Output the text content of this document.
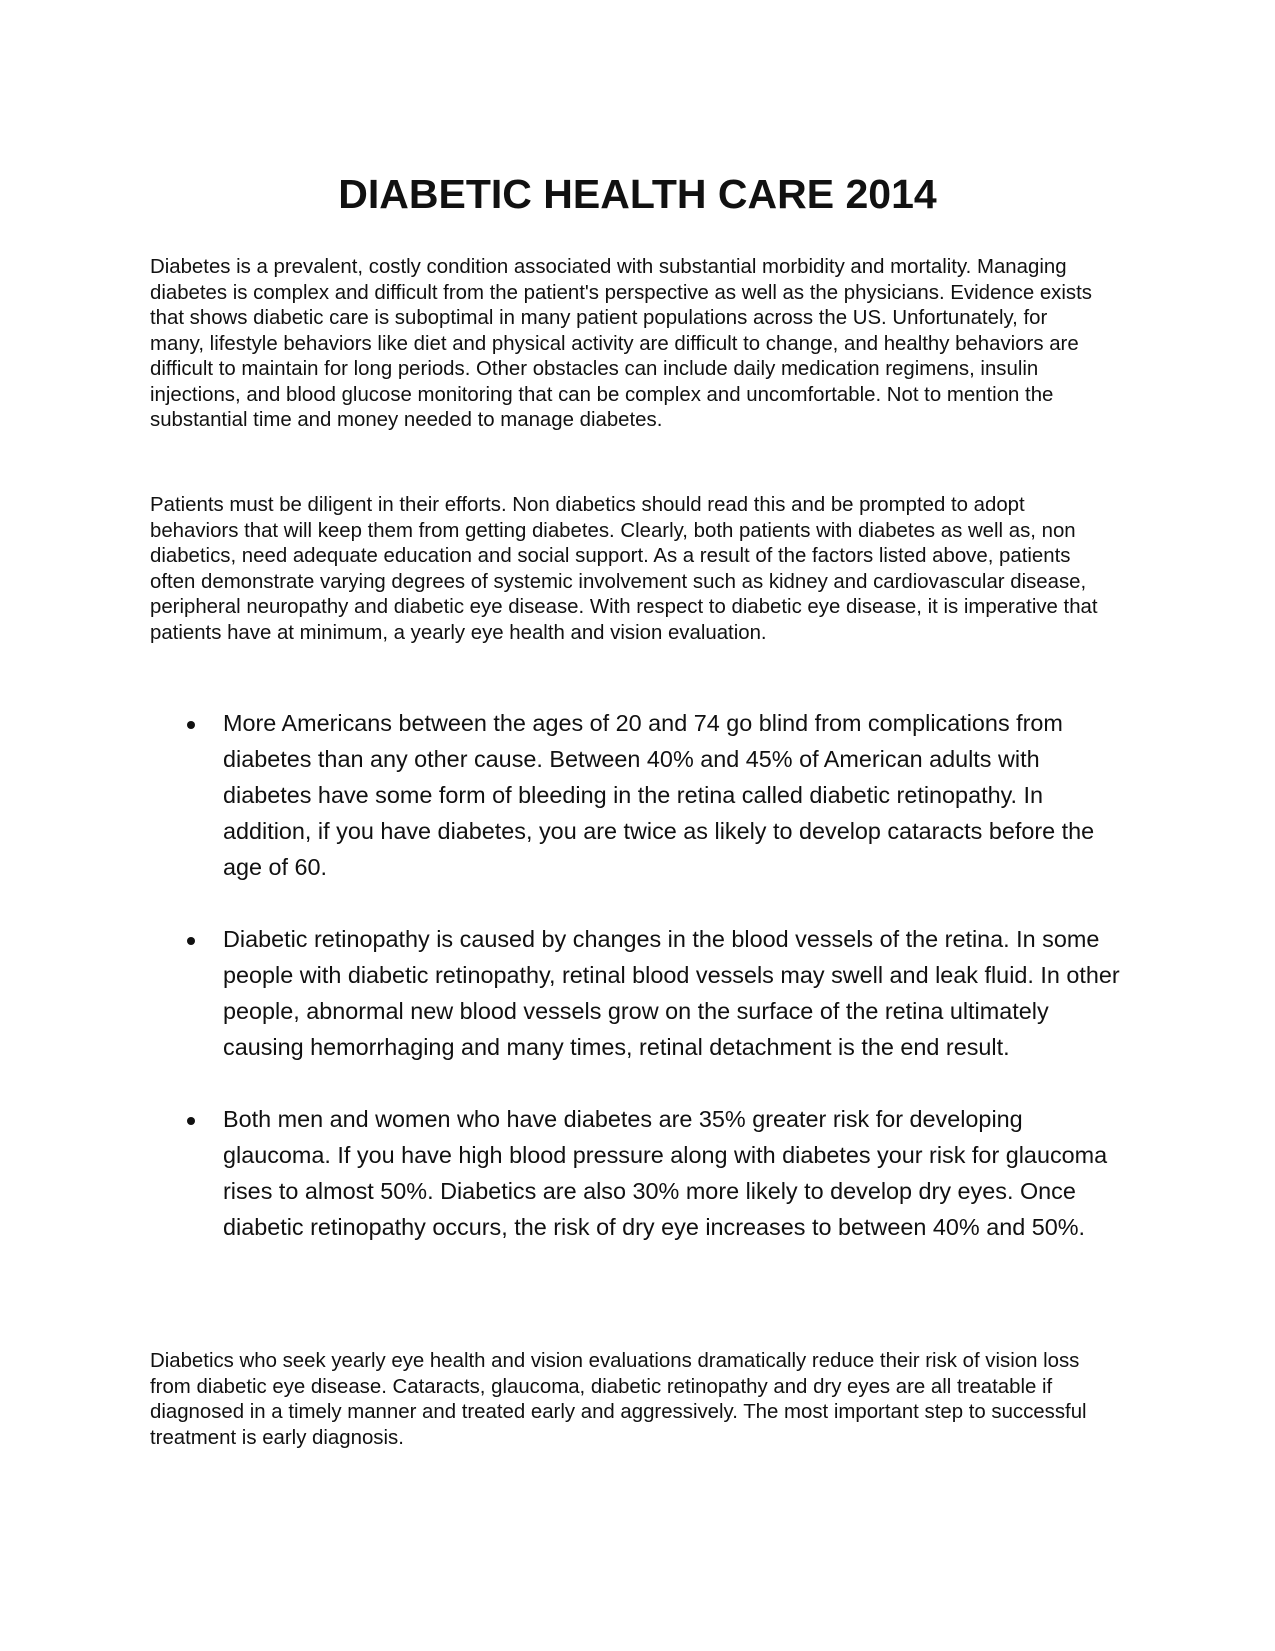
DIABETIC HEALTH CARE 2014

Diabetes is a prevalent, costly condition associated with substantial morbidity and mortality. Managing diabetes is complex and difficult from the patient's perspective as well as the physicians. Evidence exists that shows diabetic care is suboptimal in many patient populations across the US. Unfortunately, for many, lifestyle behaviors like diet and physical activity are difficult to change, and healthy behaviors are difficult to maintain for long periods. Other obstacles can include daily medication regimens, insulin injections, and blood glucose monitoring that can be complex and uncomfortable. Not to mention the substantial time and money needed to manage diabetes.

Patients must be diligent in their efforts. Non diabetics should read this and be prompted to adopt behaviors that will keep them from getting diabetes. Clearly, both patients with diabetes as well as, non diabetics, need adequate education and social support. As a result of the factors listed above, patients often demonstrate varying degrees of systemic involvement such as kidney and cardiovascular disease, peripheral neuropathy and diabetic eye disease. With respect to diabetic eye disease, it is imperative that patients have at minimum, a yearly eye health and vision evaluation.

More Americans between the ages of 20 and 74 go blind from complications from diabetes than any other cause. Between 40% and 45% of American adults with diabetes have some form of bleeding in the retina called diabetic retinopathy. In addition, if you have diabetes, you are twice as likely to develop cataracts before the age of 60.
Diabetic retinopathy is caused by changes in the blood vessels of the retina. In some people with diabetic retinopathy, retinal blood vessels may swell and leak fluid. In other people, abnormal new blood vessels grow on the surface of the retina ultimately causing hemorrhaging and many times, retinal detachment is the end result.
Both men and women who have diabetes are 35% greater risk for developing glaucoma. If you have high blood pressure along with diabetes your risk for glaucoma rises to almost 50%. Diabetics are also 30% more likely to develop dry eyes. Once diabetic retinopathy occurs, the risk of dry eye increases to between 40% and 50%.

Diabetics who seek yearly eye health and vision evaluations dramatically reduce their risk of vision loss from diabetic eye disease. Cataracts, glaucoma, diabetic retinopathy and dry eyes are all treatable if diagnosed in a timely manner and treated early and aggressively. The most important step to successful treatment is early diagnosis.
